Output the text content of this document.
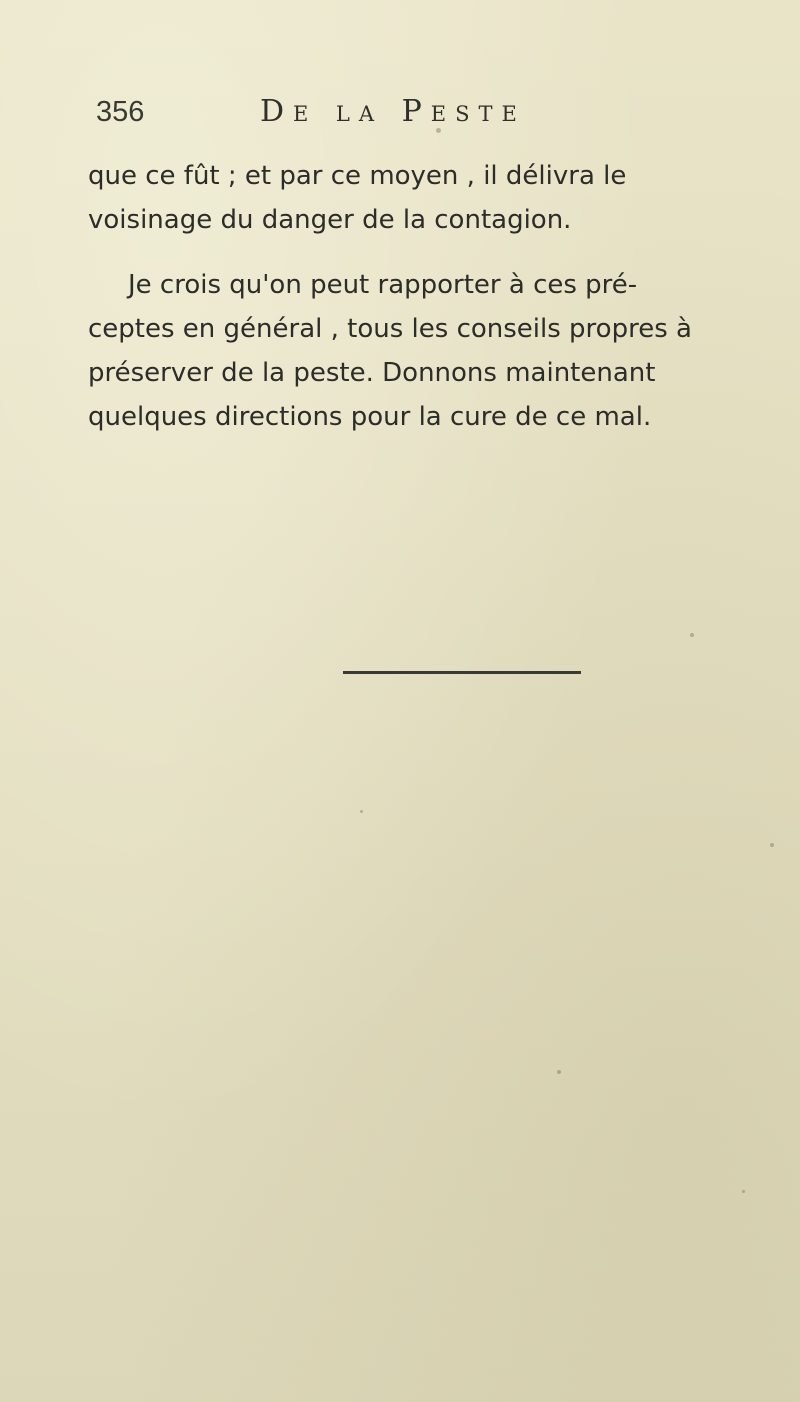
356	De la Peste

que ce fût ; et par ce moyen , il délivra le
voisinage du danger de la contagion.

Je crois qu'on peut rapporter à ces pré-
ceptes en général , tous les conseils propres à
préserver de la peste. Donnons maintenant
quelques directions pour la cure de ce mal.
